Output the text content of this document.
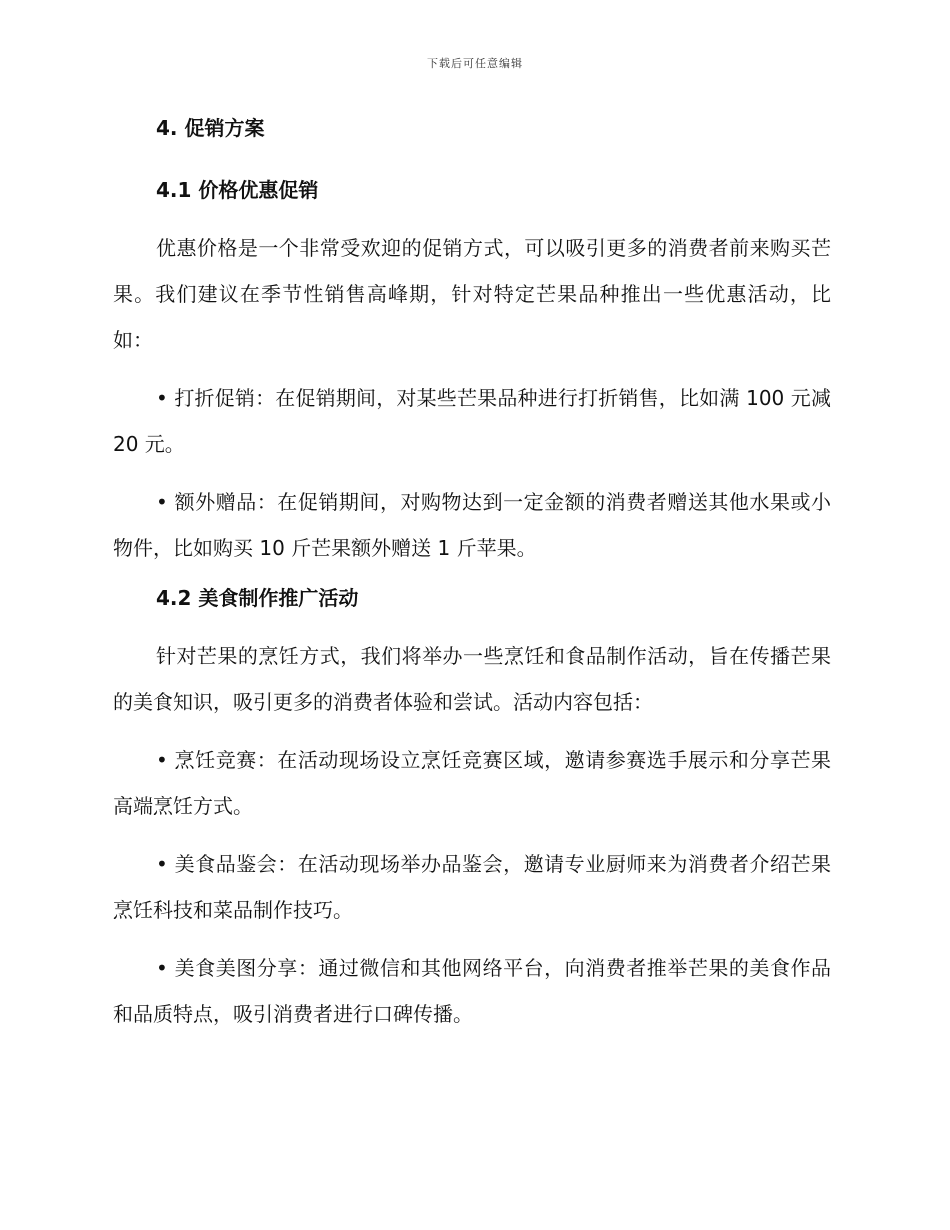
下载后可任意编辑
4. 促销方案
4.1 价格优惠促销

优惠价格是一个非常受欢迎的促销方式，可以吸引更多的消费者前来购买芒果。我们建议在季节性销售高峰期，针对特定芒果品种推出一些优惠活动，比如：

• 打折促销：在促销期间，对某些芒果品种进行打折销售，比如满 100 元减 20 元。

• 额外赠品：在促销期间，对购物达到一定金额的消费者赠送其他水果或小物件，比如购买 10 斤芒果额外赠送 1 斤苹果。

4.2 美食制作推广活动

针对芒果的烹饪方式，我们将举办一些烹饪和食品制作活动，旨在传播芒果的美食知识，吸引更多的消费者体验和尝试。活动内容包括：

• 烹饪竞赛：在活动现场设立烹饪竞赛区域，邀请参赛选手展示和分享芒果高端烹饪方式。

• 美食品鉴会：在活动现场举办品鉴会，邀请专业厨师来为消费者介绍芒果烹饪科技和菜品制作技巧。

• 美食美图分享：通过微信和其他网络平台，向消费者推举芒果的美食作品和品质特点，吸引消费者进行口碑传播。
